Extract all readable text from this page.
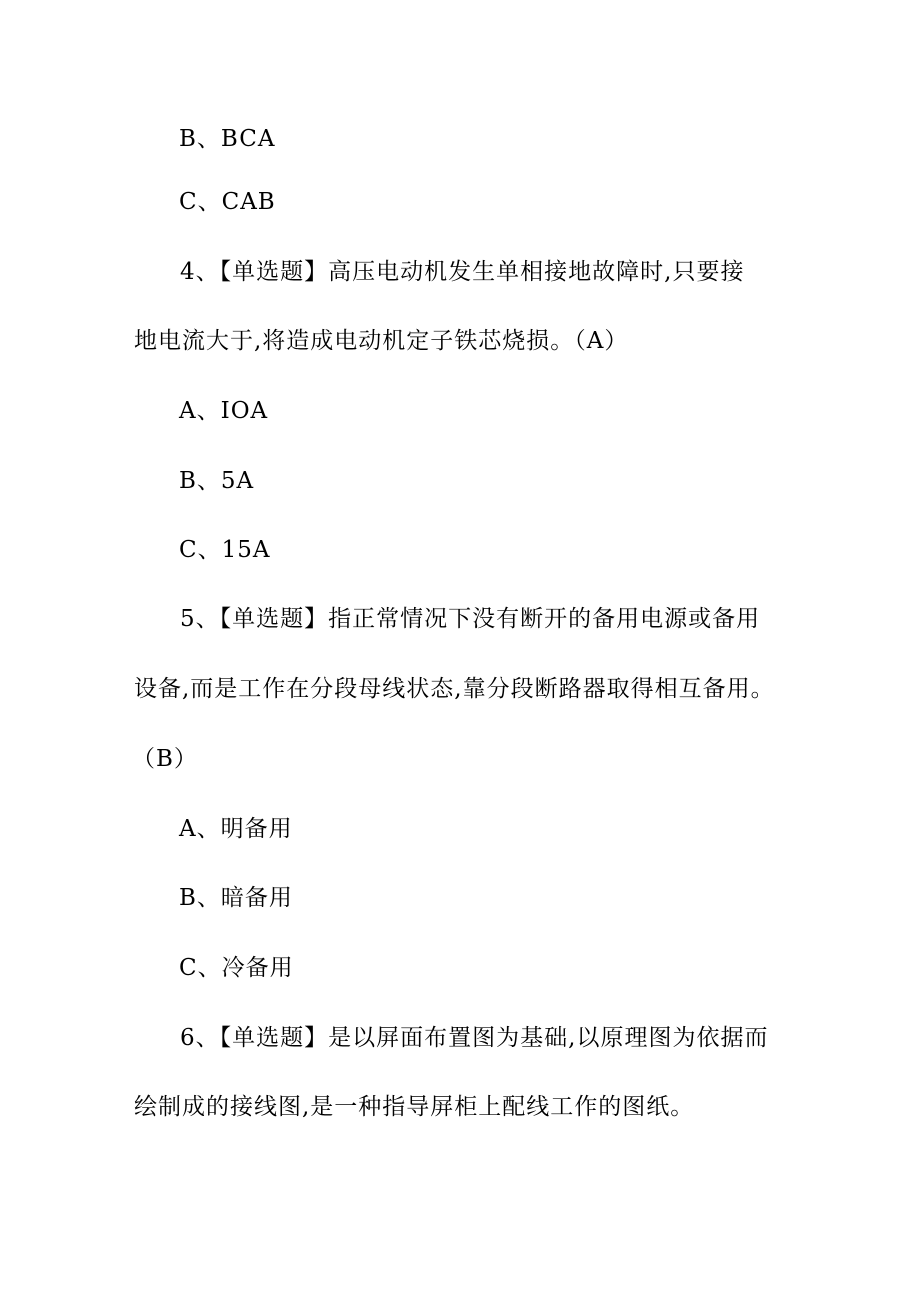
B、BCA
C、CAB
4、【单选题】高压电动机发生单相接地故障时,只要接
地电流大于,将造成电动机定子铁芯烧损。（A）
A、IOA
B、5A
C、15A
5、【单选题】指正常情况下没有断开的备用电源或备用
设备,而是工作在分段母线状态,靠分段断路器取得相互备用。
（B）
A、明备用
B、暗备用
C、冷备用
6、【单选题】是以屏面布置图为基础,以原理图为依据而
绘制成的接线图,是一种指导屏柜上配线工作的图纸。
